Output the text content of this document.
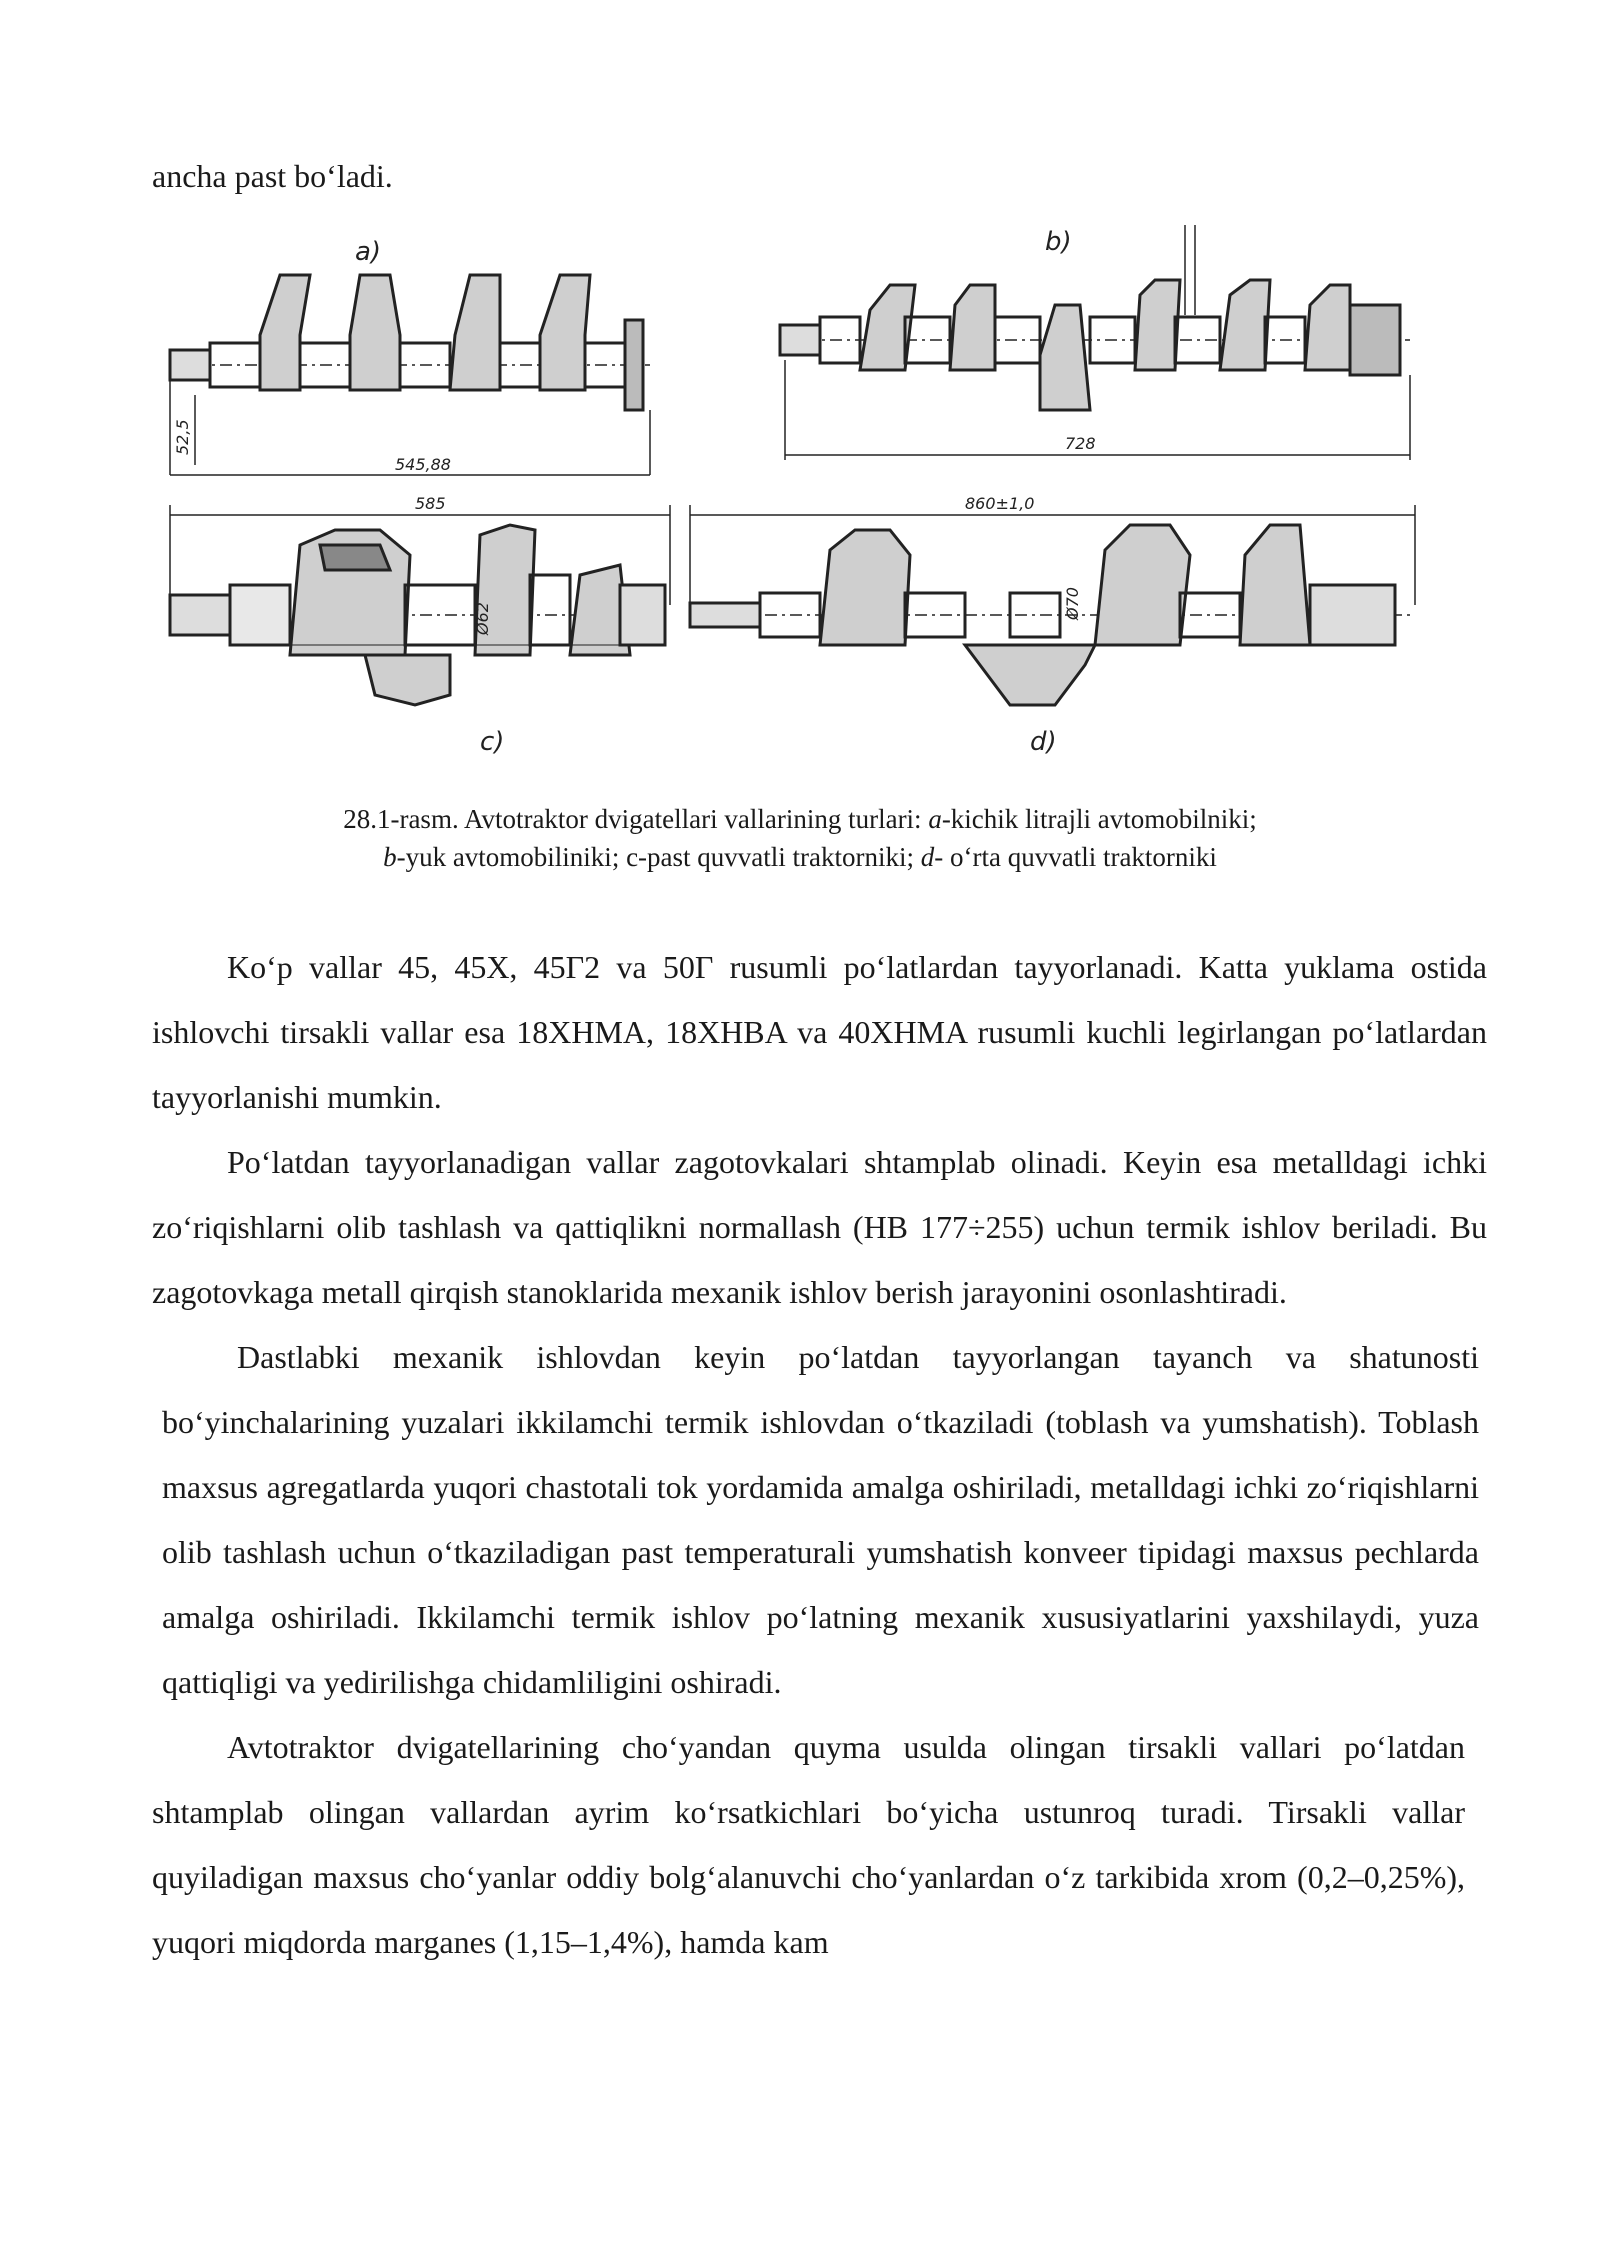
ancha past bo‘ladi.
a)	b)
c)	d)
545,88
52,5	728
585
Ø62
860±1,0
Ø70

28.1-rasm. Avtotraktor dvigatellari vallarining turlari: a-kichik litrajli avtomobilniki;

b-yuk avtomobiliniki; c-past quvvatli traktorniki; d- o‘rta quvvatli traktorniki

Ko‘p vallar 45, 45X, 45Г2 va 50Г rusumli po‘latlardan tayyorlanadi. Katta yuklama ostida ishlovchi tirsakli vallar esa 18XHMA, 18XHBA va 40XHMA rusumli kuchli legirlangan po‘latlardan tayyorlanishi mumkin.

Po‘latdan tayyorlanadigan vallar zagotovkalari shtamplab olinadi. Keyin esa metalldagi ichki zo‘riqishlarni olib tashlash va qattiqlikni normallash (HB 177÷255) uchun termik ishlov beriladi. Bu zagotovkaga metall qirqish stanoklarida mexanik ishlov berish jarayonini osonlashtiradi.

Dastlabki mexanik ishlovdan keyin po‘latdan tayyorlangan tayanch va shatunosti bo‘yinchalarining yuzalari ikkilamchi termik ishlovdan o‘tkaziladi (toblash va yumshatish). Toblash maxsus agregatlarda yuqori chastotali tok yordamida amalga oshiriladi, metalldagi ichki zo‘riqishlarni olib tashlash uchun o‘tkaziladigan past temperaturali yumshatish konveer tipidagi maxsus pechlarda amalga oshiriladi. Ikkilamchi termik ishlov po‘latning mexanik xususiyatlarini yaxshilaydi, yuza qattiqligi va yedirilishga chidamliligini oshiradi.

Avtotraktor dvigatellarining cho‘yandan quyma usulda olingan tirsakli vallari po‘latdan shtamplab olingan vallardan ayrim ko‘rsatkichlari bo‘yicha ustunroq turadi. Tirsakli vallar quyiladigan maxsus cho‘yanlar oddiy bolg‘alanuvchi cho‘yanlardan o‘z tarkibida xrom (0,2–0,25%), yuqori miqdorda marganes (1,15–1,4%), hamda kam
